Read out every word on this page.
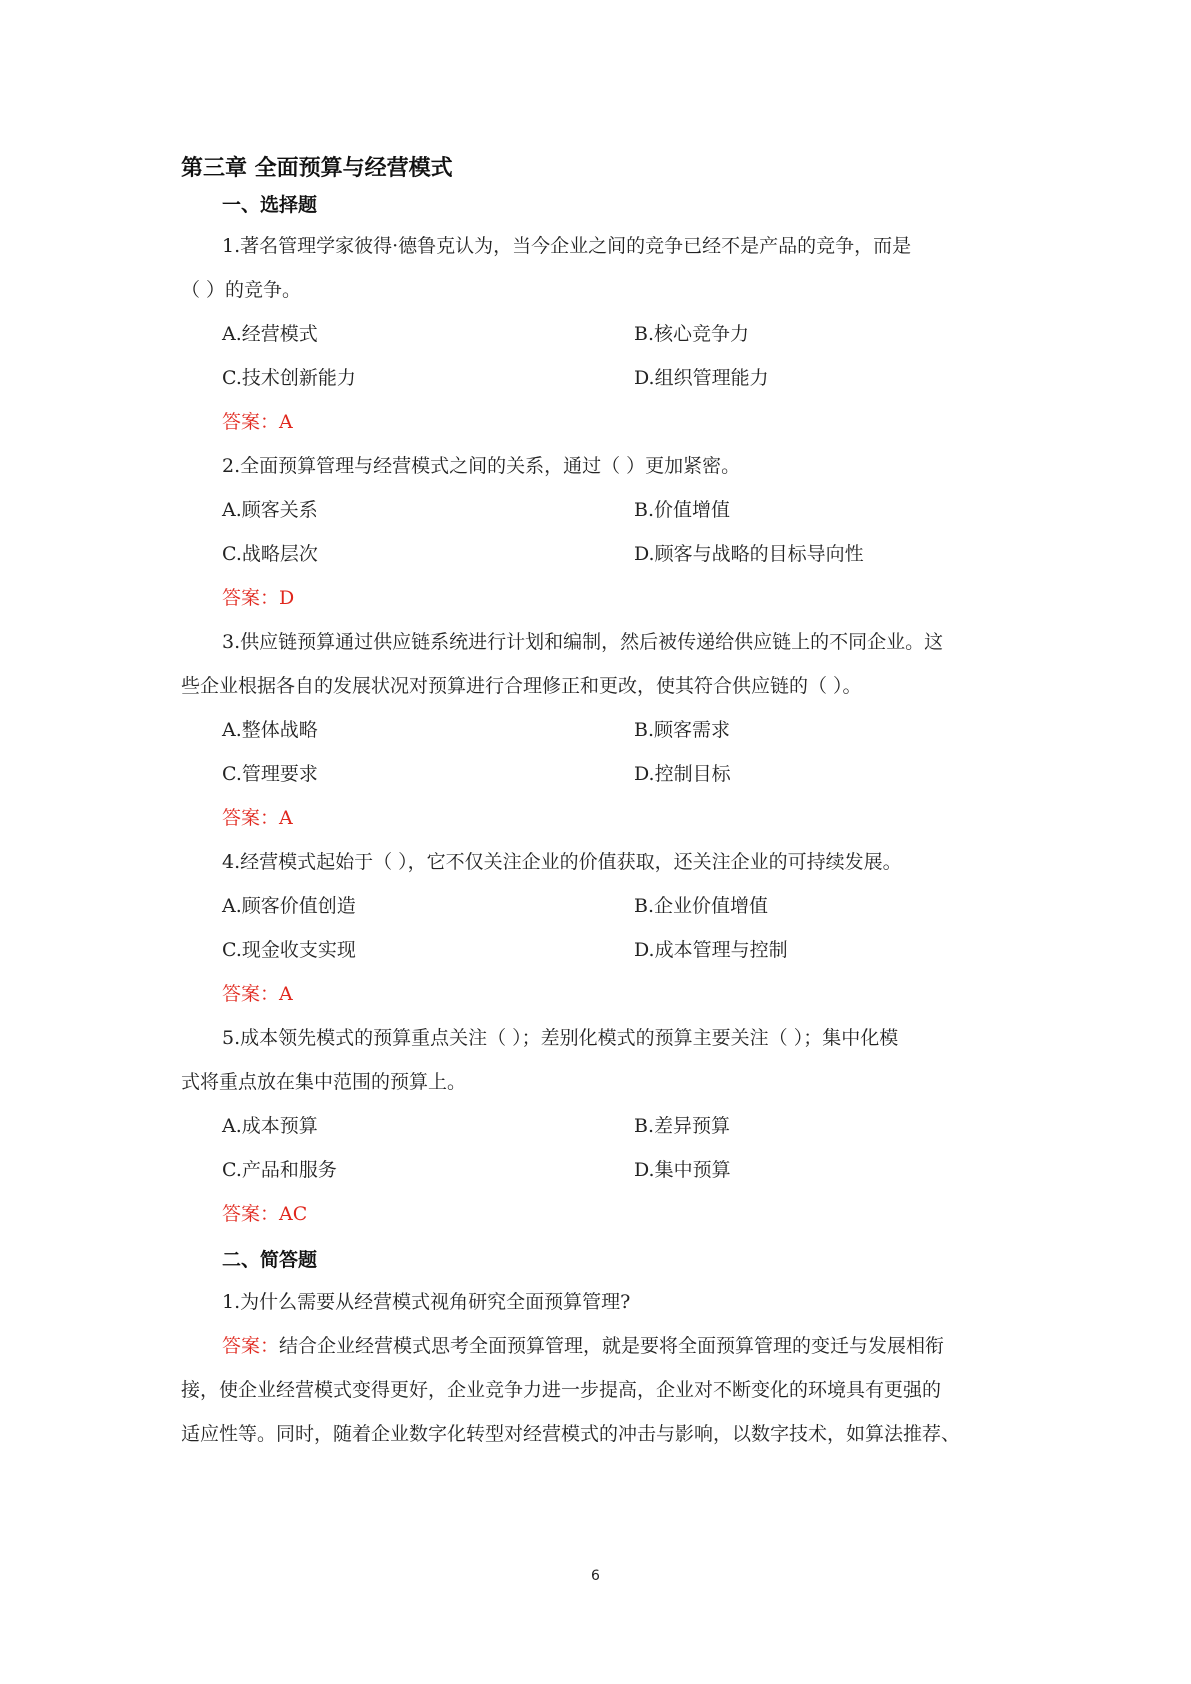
第三章 全面预算与经营模式
一、选择题
1.著名管理学家彼得·德鲁克认为，当今企业之间的竞争已经不是产品的竞争，而是
（ ）的竞争。
A.经营模式	B.核心竞争力
C.技术创新能力	D.组织管理能力
答案：A
2.全面预算管理与经营模式之间的关系，通过（ ）更加紧密。
A.顾客关系	B.价值增值
C.战略层次	D.顾客与战略的目标导向性
答案：D
3.供应链预算通过供应链系统进行计划和编制，然后被传递给供应链上的不同企业。这
些企业根据各自的发展状况对预算进行合理修正和更改，使其符合供应链的（ ）。
A.整体战略	B.顾客需求
C.管理要求	D.控制目标
答案：A
4.经营模式起始于（ ），它不仅关注企业的价值获取，还关注企业的可持续发展。
A.顾客价值创造	B.企业价值增值
C.现金收支实现	D.成本管理与控制
答案：A
5.成本领先模式的预算重点关注（ ）；差别化模式的预算主要关注（ ）；集中化模
式将重点放在集中范围的预算上。
A.成本预算	B.差异预算
C.产品和服务	D.集中预算
答案：AC
二、简答题
1.为什么需要从经营模式视角研究全面预算管理?
答案：结合企业经营模式思考全面预算管理，就是要将全面预算管理的变迁与发展相衔
接，使企业经营模式变得更好，企业竞争力进一步提高，企业对不断变化的环境具有更强的
适应性等。同时，随着企业数字化转型对经营模式的冲击与影响，以数字技术，如算法推荐、
6
